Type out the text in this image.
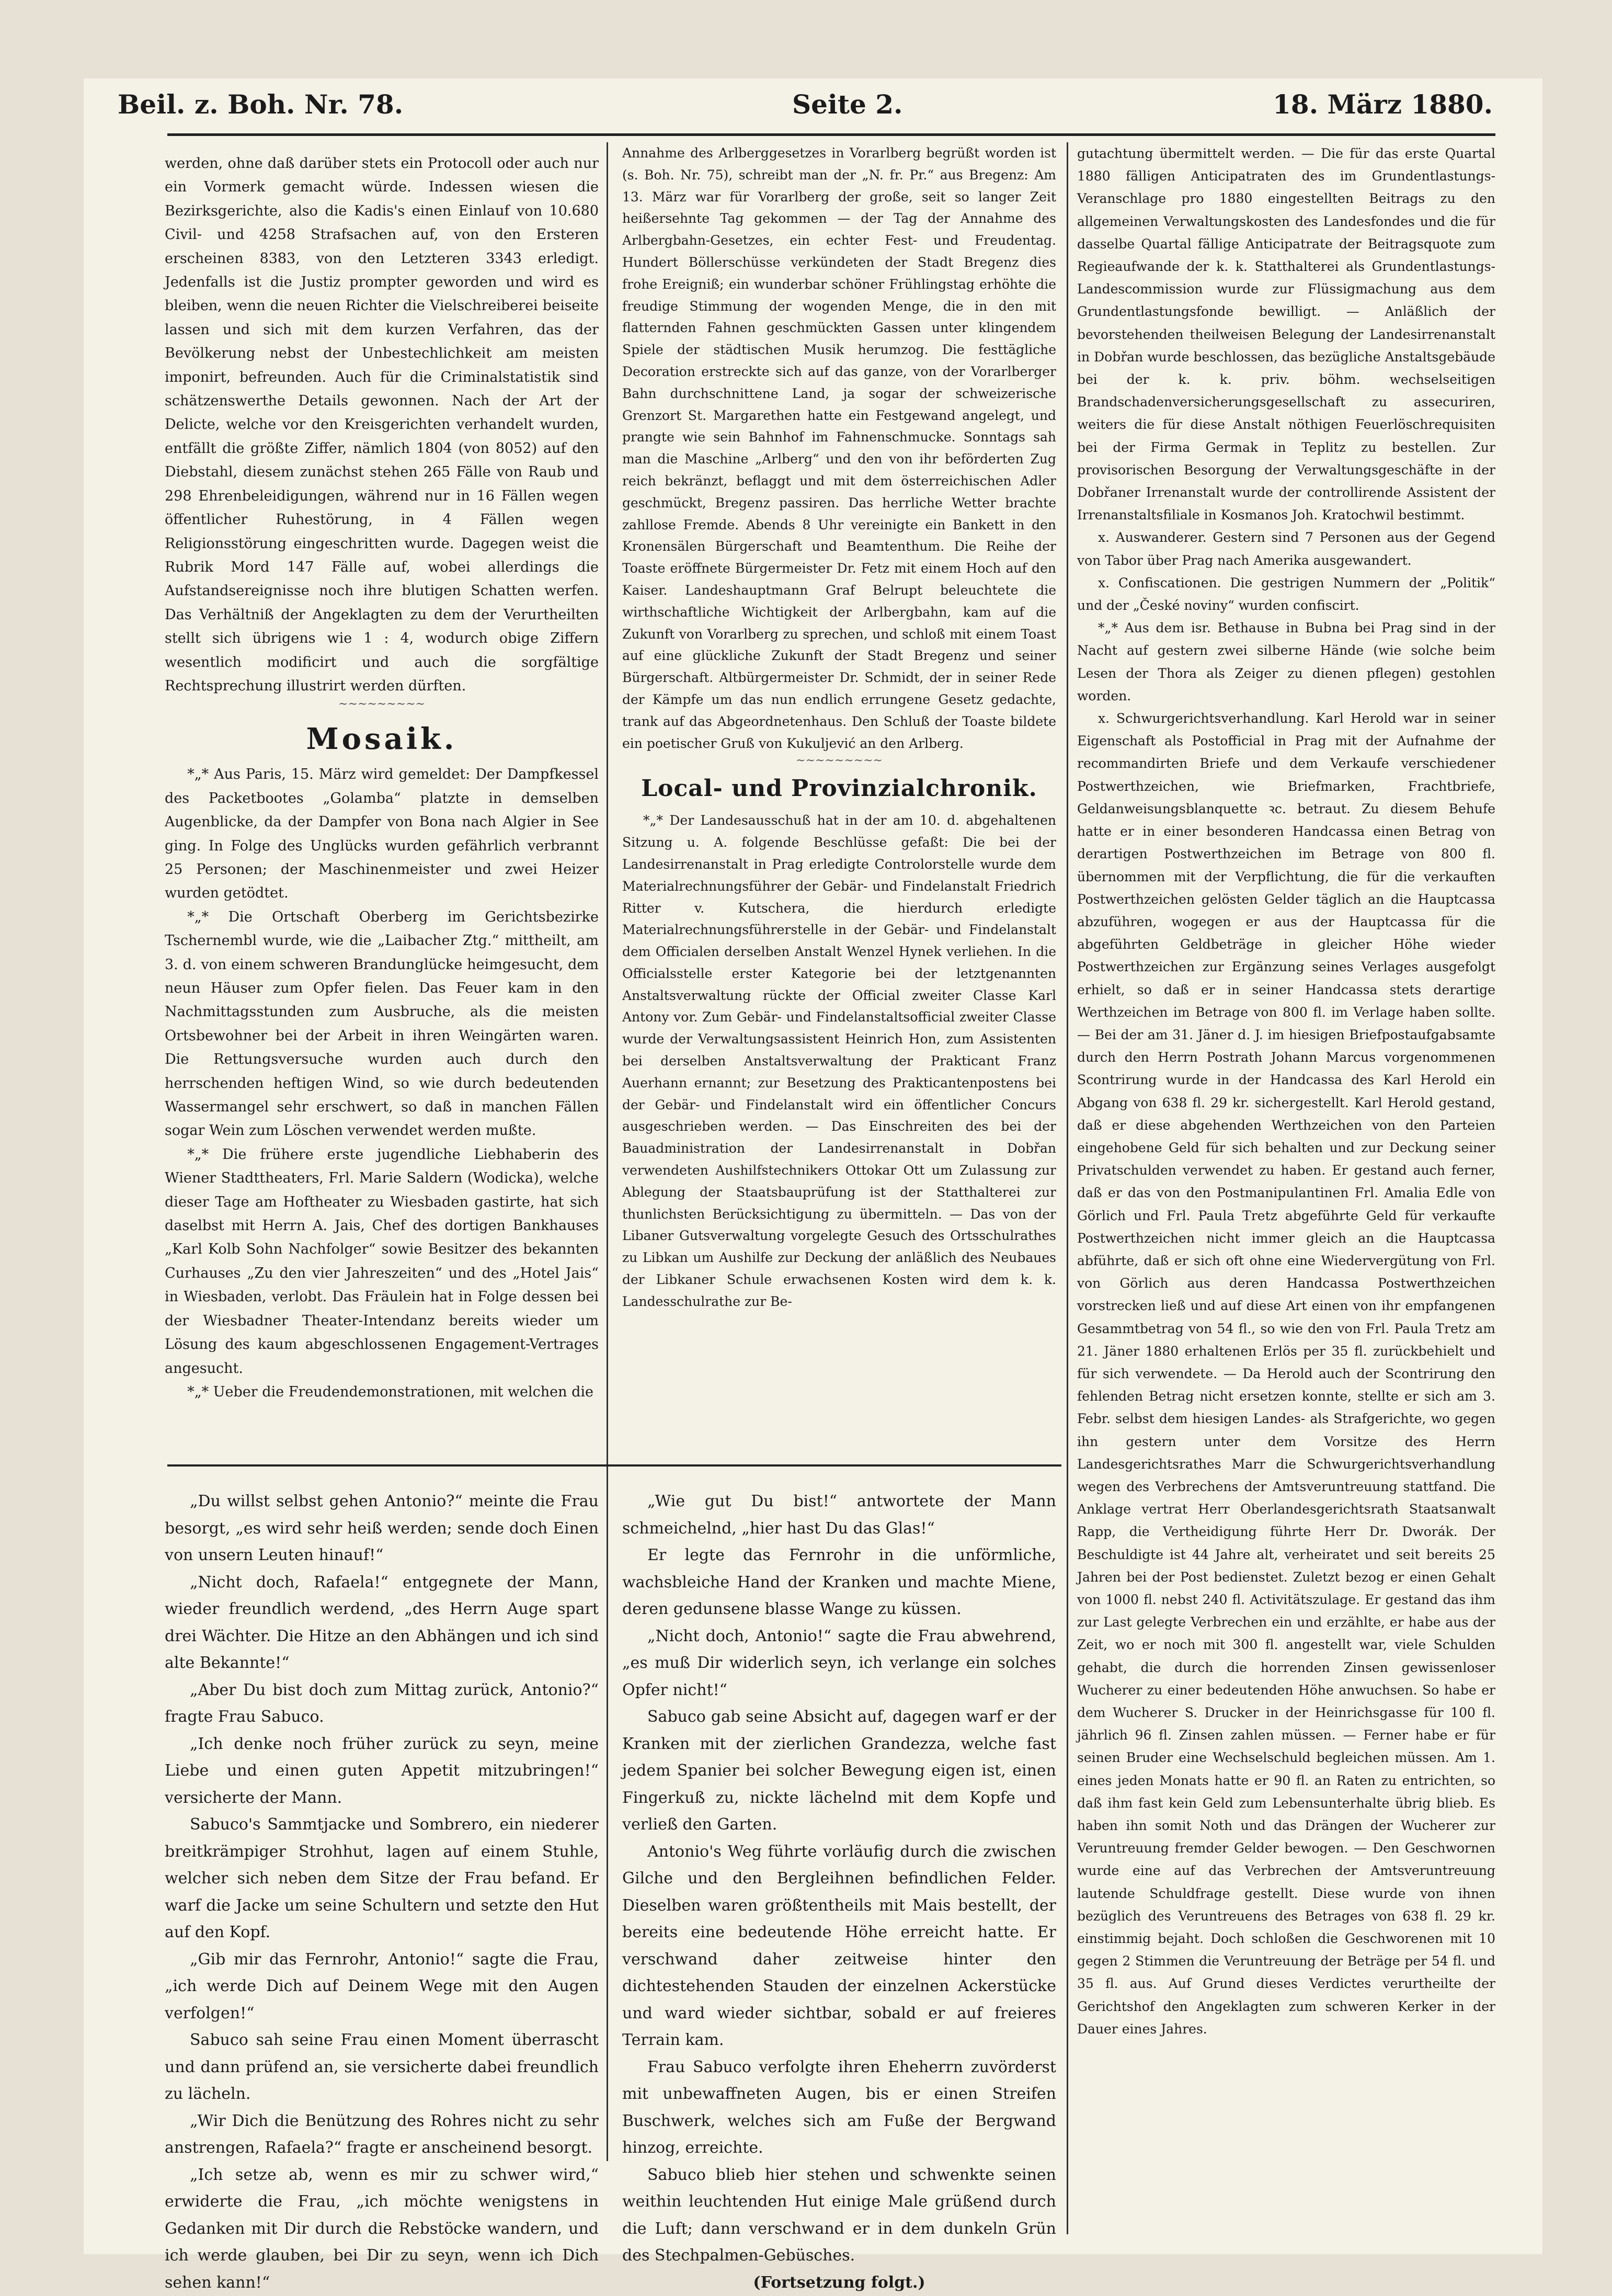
Beil. z. Boh. Nr. 78.	Seite 2.	18. März 1880.

werden, ohne daß darüber stets ein Protocoll oder auch nur ein Vormerk gemacht würde. Indessen wiesen die Bezirksgerichte, also die Kadis's einen Einlauf von 10.680 Civil- und 4258 Strafsachen auf, von den Ersteren erscheinen 8383, von den Letzteren 3343 erledigt. Jedenfalls ist die Justiz prompter geworden und wird es bleiben, wenn die neuen Richter die Vielschreiberei beiseite lassen und sich mit dem kurzen Verfahren, das der Bevölkerung nebst der Unbestechlichkeit am meisten imponirt, befreunden. Auch für die Criminalstatistik sind schätzenswerthe Details gewonnen. Nach der Art der Delicte, welche vor den Kreisgerichten verhandelt wurden, entfällt die größte Ziffer, nämlich 1804 (von 8052) auf den Diebstahl, diesem zunächst stehen 265 Fälle von Raub und 298 Ehrenbeleidigungen, während nur in 16 Fällen wegen öffentlicher Ruhestörung, in 4 Fällen wegen Religionsstörung eingeschritten wurde. Dagegen weist die Rubrik Mord 147 Fälle auf, wobei allerdings die Aufstandsereignisse noch ihre blutigen Schatten werfen. Das Verhältniß der Angeklagten zu dem der Verurtheilten stellt sich übrigens wie 1 : 4, wodurch obige Ziffern wesentlich modificirt und auch die sorgfältige Rechtsprechung illustrirt werden dürften.

~~~~~~~~~

Mosaik.

*„* Aus Paris, 15. März wird gemeldet: Der Dampfkessel des Packetbootes „Golamba“ platzte in demselben Augenblicke, da der Dampfer von Bona nach Algier in See ging. In Folge des Unglücks wurden gefährlich verbrannt 25 Personen; der Maschinenmeister und zwei Heizer wurden getödtet.

*„* Die Ortschaft Oberberg im Gerichtsbezirke Tschernembl wurde, wie die „Laibacher Ztg.“ mittheilt, am 3. d. von einem schweren Brandunglücke heimgesucht, dem neun Häuser zum Opfer fielen. Das Feuer kam in den Nachmittagsstunden zum Ausbruche, als die meisten Ortsbewohner bei der Arbeit in ihren Weingärten waren. Die Rettungsversuche wurden auch durch den herrschenden heftigen Wind, so wie durch bedeutenden Wassermangel sehr erschwert, so daß in manchen Fällen sogar Wein zum Löschen verwendet werden mußte.

*„* Die frühere erste jugendliche Liebhaberin des Wiener Stadttheaters, Frl. Marie Saldern (Wodicka), welche dieser Tage am Hoftheater zu Wiesbaden gastirte, hat sich daselbst mit Herrn A. Jais, Chef des dortigen Bankhauses „Karl Kolb Sohn Nachfolger“ sowie Besitzer des bekannten Curhauses „Zu den vier Jahreszeiten“ und des „Hotel Jais“ in Wiesbaden, verlobt. Das Fräulein hat in Folge dessen bei der Wiesbadner Theater-Intendanz bereits wieder um Lösung des kaum abgeschlossenen Engagement-Vertrages angesucht.

*„* Ueber die Freudendemonstrationen, mit welchen die

Annahme des Arlberggesetzes in Vorarlberg begrüßt worden ist (s. Boh. Nr. 75), schreibt man der „N. fr. Pr.“ aus Bregenz: Am 13. März war für Vorarlberg der große, seit so langer Zeit heißersehnte Tag gekommen — der Tag der Annahme des Arlbergbahn-Gesetzes, ein echter Fest- und Freudentag. Hundert Böllerschüsse verkündeten der Stadt Bregenz dies frohe Ereigniß; ein wunderbar schöner Frühlingstag erhöhte die freudige Stimmung der wogenden Menge, die in den mit flatternden Fahnen geschmückten Gassen unter klingendem Spiele der städtischen Musik herumzog. Die festtägliche Decoration erstreckte sich auf das ganze, von der Vorarlberger Bahn durchschnittene Land, ja sogar der schweizerische Grenzort St. Margarethen hatte ein Festgewand angelegt, und prangte wie sein Bahnhof im Fahnenschmucke. Sonntags sah man die Maschine „Arlberg“ und den von ihr beförderten Zug reich bekränzt, beflaggt und mit dem österreichischen Adler geschmückt, Bregenz passiren. Das herrliche Wetter brachte zahllose Fremde. Abends 8 Uhr vereinigte ein Bankett in den Kronensälen Bürgerschaft und Beamtenthum. Die Reihe der Toaste eröffnete Bürgermeister Dr. Fetz mit einem Hoch auf den Kaiser. Landeshauptmann Graf Belrupt beleuchtete die wirthschaftliche Wichtigkeit der Arlbergbahn, kam auf die Zukunft von Vorarlberg zu sprechen, und schloß mit einem Toast auf eine glückliche Zukunft der Stadt Bregenz und seiner Bürgerschaft. Altbürgermeister Dr. Schmidt, der in seiner Rede der Kämpfe um das nun endlich errungene Gesetz gedachte, trank auf das Abgeordnetenhaus. Den Schluß der Toaste bildete ein poetischer Gruß von Kukuljević an den Arlberg.

~~~~~~~~~

Local- und Provinzialchronik.

*„* Der Landesausschuß hat in der am 10. d. abgehaltenen Sitzung u. A. folgende Beschlüsse gefaßt: Die bei der Landesirrenanstalt in Prag erledigte Controlorstelle wurde dem Materialrechnungsführer der Gebär- und Findelanstalt Friedrich Ritter v. Kutschera, die hierdurch erledigte Materialrechnungsführerstelle in der Gebär- und Findelanstalt dem Officialen derselben Anstalt Wenzel Hynek verliehen. In die Officialsstelle erster Kategorie bei der letztgenannten Anstaltsverwaltung rückte der Official zweiter Classe Karl Antony vor. Zum Gebär- und Findelanstaltsofficial zweiter Classe wurde der Verwaltungsassistent Heinrich Hon, zum Assistenten bei derselben Anstaltsverwaltung der Prakticant Franz Auerhann ernannt; zur Besetzung des Prakticantenpostens bei der Gebär- und Findelanstalt wird ein öffentlicher Concurs ausgeschrieben werden. — Das Einschreiten des bei der Bauadministration der Landesirrenanstalt in Dobřan verwendeten Aushilfstechnikers Ottokar Ott um Zulassung zur Ablegung der Staatsbauprüfung ist der Statthalterei zur thunlichsten Berücksichtigung zu übermitteln. — Das von der Libaner Gutsverwaltung vorgelegte Gesuch des Ortsschulrathes zu Libkan um Aushilfe zur Deckung der anläßlich des Neubaues der Libkaner Schule erwachsenen Kosten wird dem k. k. Landesschulrathe zur Be-

gutachtung übermittelt werden. — Die für das erste Quartal 1880 fälligen Anticipatraten des im Grundentlastungs-Veranschlage pro 1880 eingestellten Beitrags zu den allgemeinen Verwaltungskosten des Landesfondes und die für dasselbe Quartal fällige Anticipatrate der Beitragsquote zum Regieaufwande der k. k. Statthalterei als Grundentlastungs-Landescommission wurde zur Flüssigmachung aus dem Grundentlastungsfonde bewilligt. — Anläßlich der bevorstehenden theilweisen Belegung der Landesirrenanstalt in Dobřan wurde beschlossen, das bezügliche Anstaltsgebäude bei der k. k. priv. böhm. wechselseitigen Brandschadenversicherungsgesellschaft zu assecuriren, weiters die für diese Anstalt nöthigen Feuerlöschrequisiten bei der Firma Germak in Teplitz zu bestellen. Zur provisorischen Besorgung der Verwaltungsgeschäfte in der Dobřaner Irrenanstalt wurde der controllirende Assistent der Irrenanstaltsfiliale in Kosmanos Joh. Kratochwil bestimmt.

x. Auswanderer. Gestern sind 7 Personen aus der Gegend von Tabor über Prag nach Amerika ausgewandert.

x. Confiscationen. Die gestrigen Nummern der „Politik“ und der „České noviny“ wurden confiscirt.

*„* Aus dem isr. Bethause in Bubna bei Prag sind in der Nacht auf gestern zwei silberne Hände (wie solche beim Lesen der Thora als Zeiger zu dienen pflegen) gestohlen worden.

x. Schwurgerichtsverhandlung. Karl Herold war in seiner Eigenschaft als Postofficial in Prag mit der Aufnahme der recommandirten Briefe und dem Verkaufe verschiedener Postwerthzeichen, wie Briefmarken, Frachtbriefe, Geldanweisungsblanquette ꝛc. betraut. Zu diesem Behufe hatte er in einer besonderen Handcassa einen Betrag von derartigen Postwerthzeichen im Betrage von 800 fl. übernommen mit der Verpflichtung, die für die verkauften Postwerthzeichen gelösten Gelder täglich an die Hauptcassa abzuführen, wogegen er aus der Hauptcassa für die abgeführten Geldbeträge in gleicher Höhe wieder Postwerthzeichen zur Ergänzung seines Verlages ausgefolgt erhielt, so daß er in seiner Handcassa stets derartige Werthzeichen im Betrage von 800 fl. im Verlage haben sollte. — Bei der am 31. Jäner d. J. im hiesigen Briefpostaufgabsamte durch den Herrn Postrath Johann Marcus vorgenommenen Scontrirung wurde in der Handcassa des Karl Herold ein Abgang von 638 fl. 29 kr. sichergestellt. Karl Herold gestand, daß er diese abgehenden Werthzeichen von den Parteien eingehobene Geld für sich behalten und zur Deckung seiner Privatschulden verwendet zu haben. Er gestand auch ferner, daß er das von den Postmanipulantinen Frl. Amalia Edle von Görlich und Frl. Paula Tretz abgeführte Geld für verkaufte Postwerthzeichen nicht immer gleich an die Hauptcassa abführte, daß er sich oft ohne eine Wiedervergütung von Frl. von Görlich aus deren Handcassa Postwerthzeichen vorstrecken ließ und auf diese Art einen von ihr empfangenen Gesammtbetrag von 54 fl., so wie den von Frl. Paula Tretz am 21. Jäner 1880 erhaltenen Erlös per 35 fl. zurückbehielt und für sich verwendete. — Da Herold auch der Scontrirung den fehlenden Betrag nicht ersetzen konnte, stellte er sich am 3. Febr. selbst dem hiesigen Landes- als Strafgerichte, wo gegen ihn gestern unter dem Vorsitze des Herrn Landesgerichtsrathes Marr die Schwurgerichtsverhandlung wegen des Verbrechens der Amtsveruntreuung stattfand. Die Anklage vertrat Herr Oberlandesgerichtsrath Staatsanwalt Rapp, die Vertheidigung führte Herr Dr. Dworák. Der Beschuldigte ist 44 Jahre alt, verheiratet und seit bereits 25 Jahren bei der Post bedienstet. Zuletzt bezog er einen Gehalt von 1000 fl. nebst 240 fl. Activitätszulage. Er gestand das ihm zur Last gelegte Verbrechen ein und erzählte, er habe aus der Zeit, wo er noch mit 300 fl. angestellt war, viele Schulden gehabt, die durch die horrenden Zinsen gewissenloser Wucherer zu einer bedeutenden Höhe anwuchsen. So habe er dem Wucherer S. Drucker in der Heinrichsgasse für 100 fl. jährlich 96 fl. Zinsen zahlen müssen. — Ferner habe er für seinen Bruder eine Wechselschuld begleichen müssen. Am 1. eines jeden Monats hatte er 90 fl. an Raten zu entrichten, so daß ihm fast kein Geld zum Lebensunterhalte übrig blieb. Es haben ihn somit Noth und das Drängen der Wucherer zur Veruntreuung fremder Gelder bewogen. — Den Geschwornen wurde eine auf das Verbrechen der Amtsveruntreuung lautende Schuldfrage gestellt. Diese wurde von ihnen bezüglich des Veruntreuens des Betrages von 638 fl. 29 kr. einstimmig bejaht. Doch schloßen die Geschworenen mit 10 gegen 2 Stimmen die Veruntreuung der Beträge per 54 fl. und 35 fl. aus. Auf Grund dieses Verdictes verurtheilte der Gerichtshof den Angeklagten zum schweren Kerker in der Dauer eines Jahres.

„Du willst selbst gehen Antonio?“ meinte die Frau besorgt, „es wird sehr heiß werden; sende doch Einen von unsern Leuten hinauf!“

„Nicht doch, Rafaela!“ entgegnete der Mann, wieder freundlich werdend, „des Herrn Auge spart drei Wächter. Die Hitze an den Abhängen und ich sind alte Bekannte!“

„Aber Du bist doch zum Mittag zurück, Antonio?“ fragte Frau Sabuco.

„Ich denke noch früher zurück zu seyn, meine Liebe und einen guten Appetit mitzubringen!“ versicherte der Mann.

Sabuco's Sammtjacke und Sombrero, ein niederer breitkrämpiger Strohhut, lagen auf einem Stuhle, welcher sich neben dem Sitze der Frau befand. Er warf die Jacke um seine Schultern und setzte den Hut auf den Kopf.

„Gib mir das Fernrohr, Antonio!“ sagte die Frau, „ich werde Dich auf Deinem Wege mit den Augen verfolgen!“

Sabuco sah seine Frau einen Moment überrascht und dann prüfend an, sie versicherte dabei freundlich zu lächeln.

„Wir Dich die Benützung des Rohres nicht zu sehr anstrengen, Rafaela?“ fragte er anscheinend besorgt.

„Ich setze ab, wenn es mir zu schwer wird,“ erwiderte die Frau, „ich möchte wenigstens in Gedanken mit Dir durch die Rebstöcke wandern, und ich werde glauben, bei Dir zu seyn, wenn ich Dich sehen kann!“

„Wie gut Du bist!“ antwortete der Mann schmeichelnd, „hier hast Du das Glas!“

Er legte das Fernrohr in die unförmliche, wachsbleiche Hand der Kranken und machte Miene, deren gedunsene blasse Wange zu küssen.

„Nicht doch, Antonio!“ sagte die Frau abwehrend, „es muß Dir widerlich seyn, ich verlange ein solches Opfer nicht!“

Sabuco gab seine Absicht auf, dagegen warf er der Kranken mit der zierlichen Grandezza, welche fast jedem Spanier bei solcher Bewegung eigen ist, einen Fingerkuß zu, nickte lächelnd mit dem Kopfe und verließ den Garten.

Antonio's Weg führte vorläufig durch die zwischen Gilche und den Bergleihnen befindlichen Felder. Dieselben waren größtentheils mit Mais bestellt, der bereits eine bedeutende Höhe erreicht hatte. Er verschwand daher zeitweise hinter den dichtestehenden Stauden der einzelnen Ackerstücke und ward wieder sichtbar, sobald er auf freieres Terrain kam.

Frau Sabuco verfolgte ihren Eheherrn zuvörderst mit unbewaffneten Augen, bis er einen Streifen Buschwerk, welches sich am Fuße der Bergwand hinzog, erreichte.

Sabuco blieb hier stehen und schwenkte seinen weithin leuchtenden Hut einige Male grüßend durch die Luft; dann verschwand er in dem dunkeln Grün des Stechpalmen-Gebüsches.

(Fortsetzung folgt.)
